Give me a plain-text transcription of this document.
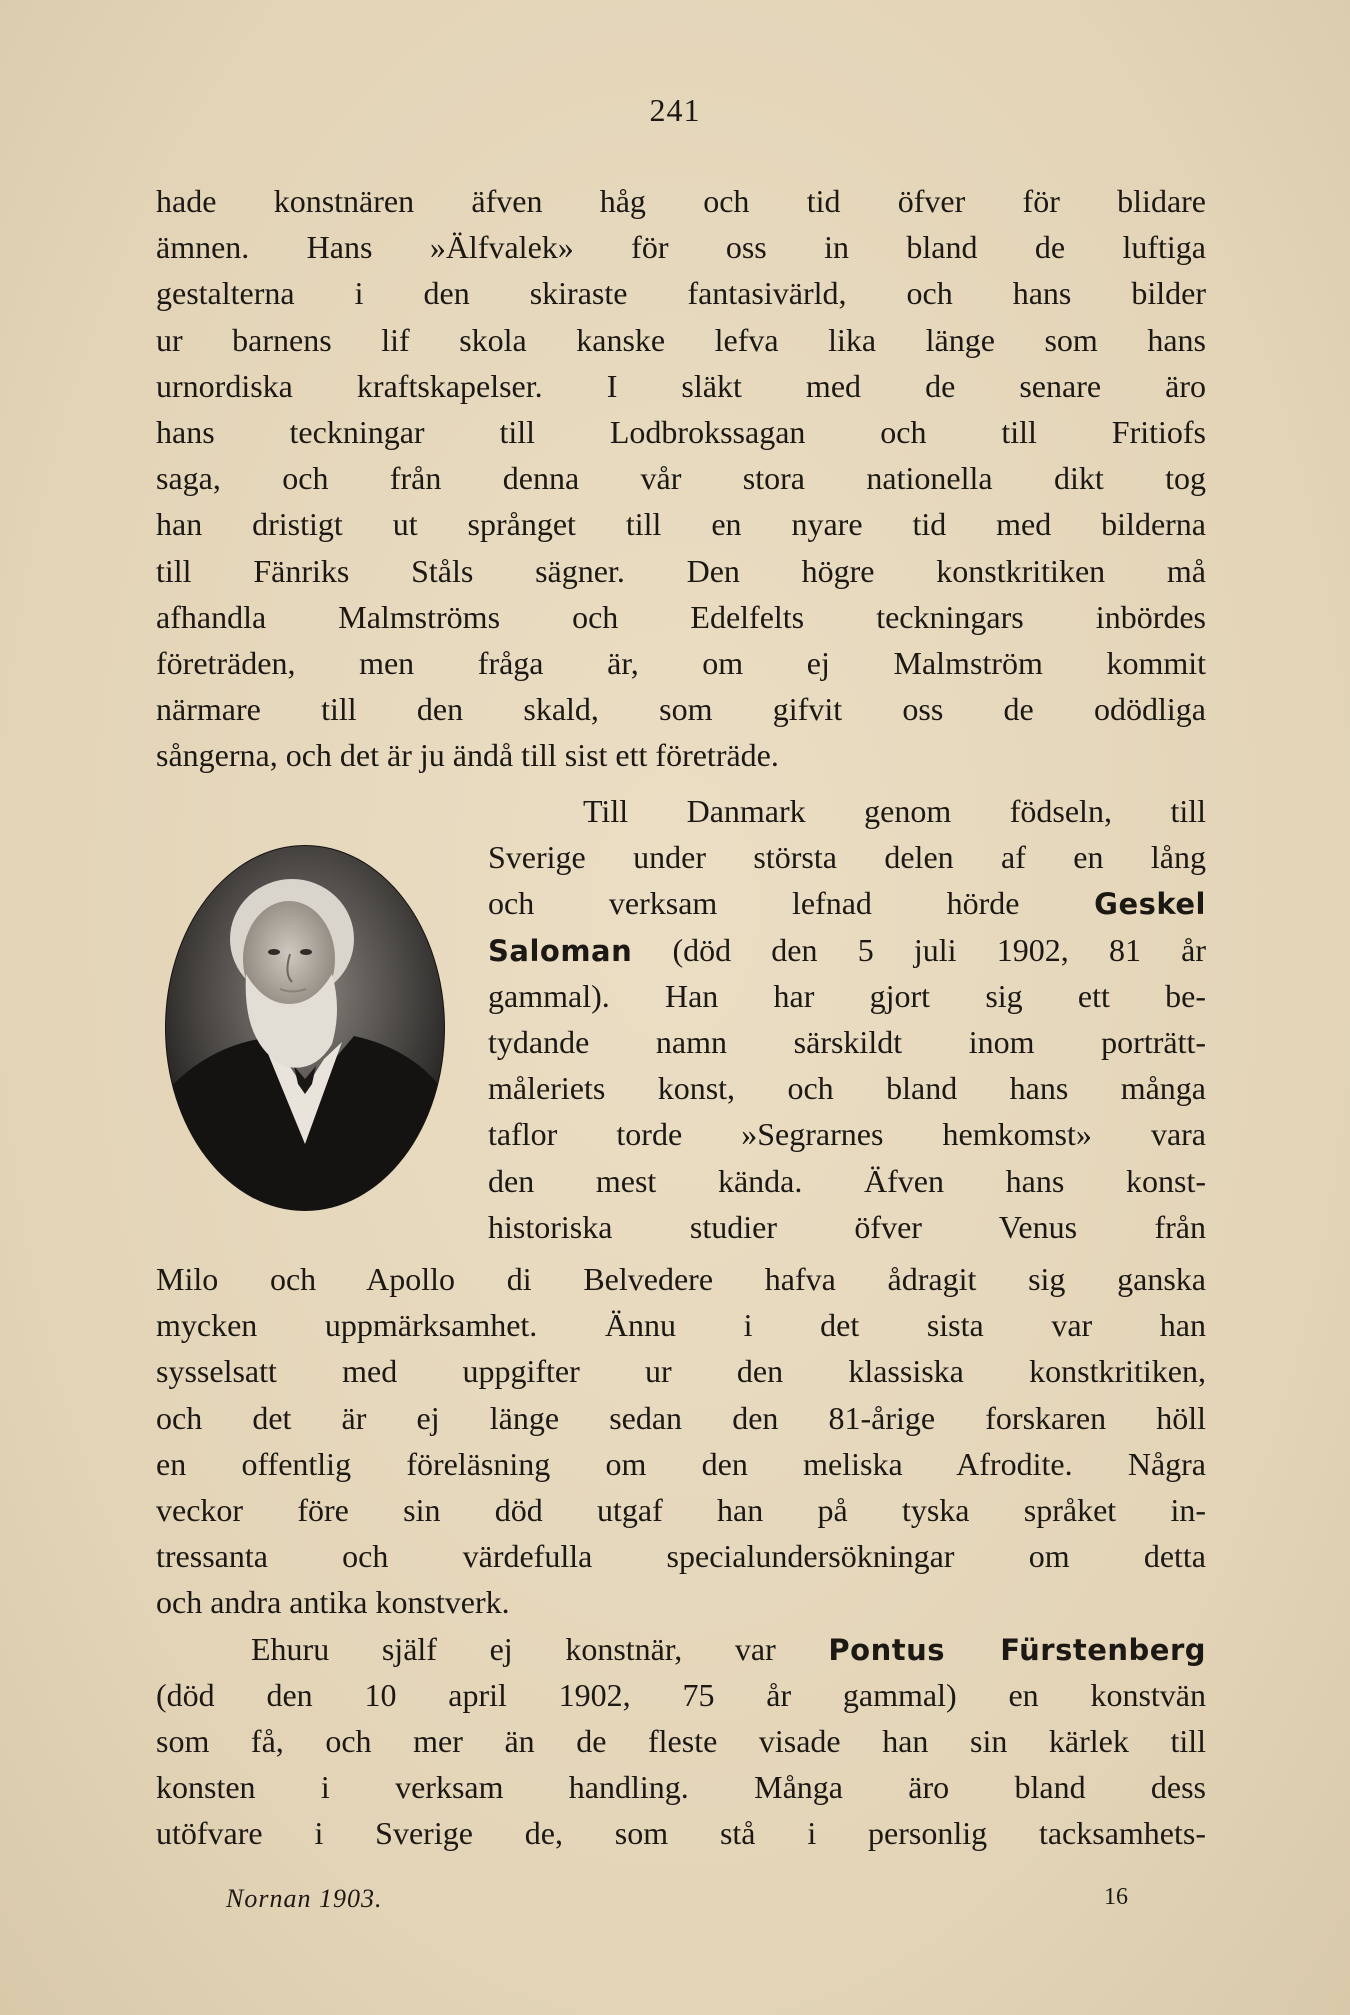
241
hade konstnären äfven håg och tid öfver för blidare
ämnen. Hans »Älfvalek» för oss in bland de luftiga
gestalterna i den skiraste fantasivärld, och hans bilder
ur barnens lif skola kanske lefva lika länge som hans
urnordiska kraftskapelser. I släkt med de senare äro
hans teckningar till Lodbrokssagan och till Fritiofs
saga, och från denna vår stora nationella dikt tog
han dristigt ut språnget till en nyare tid med bilderna
till Fänriks Ståls sägner. Den högre konstkritiken må
afhandla Malmströms och Edelfelts teckningars inbördes
företräden, men fråga är, om ej Malmström kommit
närmare till den skald, som gifvit oss de odödliga
sångerna, och det är ju ändå till sist ett företräde.
Till Danmark genom födseln, till
Sverige under största delen af en lång
och verksam lefnad hörde Geskel
Saloman (död den 5 juli 1902, 81 år
gammal). Han har gjort sig ett be-
tydande namn särskildt inom porträtt-
måleriets konst, och bland hans många
taflor torde »Segrarnes hemkomst» vara
den mest kända. Äfven hans konst-
historiska studier öfver Venus från
Milo och Apollo di Belvedere hafva ådragit sig ganska
mycken uppmärksamhet. Ännu i det sista var han
sysselsatt med uppgifter ur den klassiska konstkritiken,
och det är ej länge sedan den 81-årige forskaren höll
en offentlig föreläsning om den meliska Afrodite. Några
veckor före sin död utgaf han på tyska språket in-
tressanta och värdefulla specialundersökningar om detta
och andra antika konstverk.
Ehuru själf ej konstnär, var Pontus Fürstenberg
(död den 10 april 1902, 75 år gammal) en konstvän
som få, och mer än de fleste visade han sin kärlek till
konsten i verksam handling. Många äro bland dess
utöfvare i Sverige de, som stå i personlig tacksamhets-
Nornan 1903.	16
